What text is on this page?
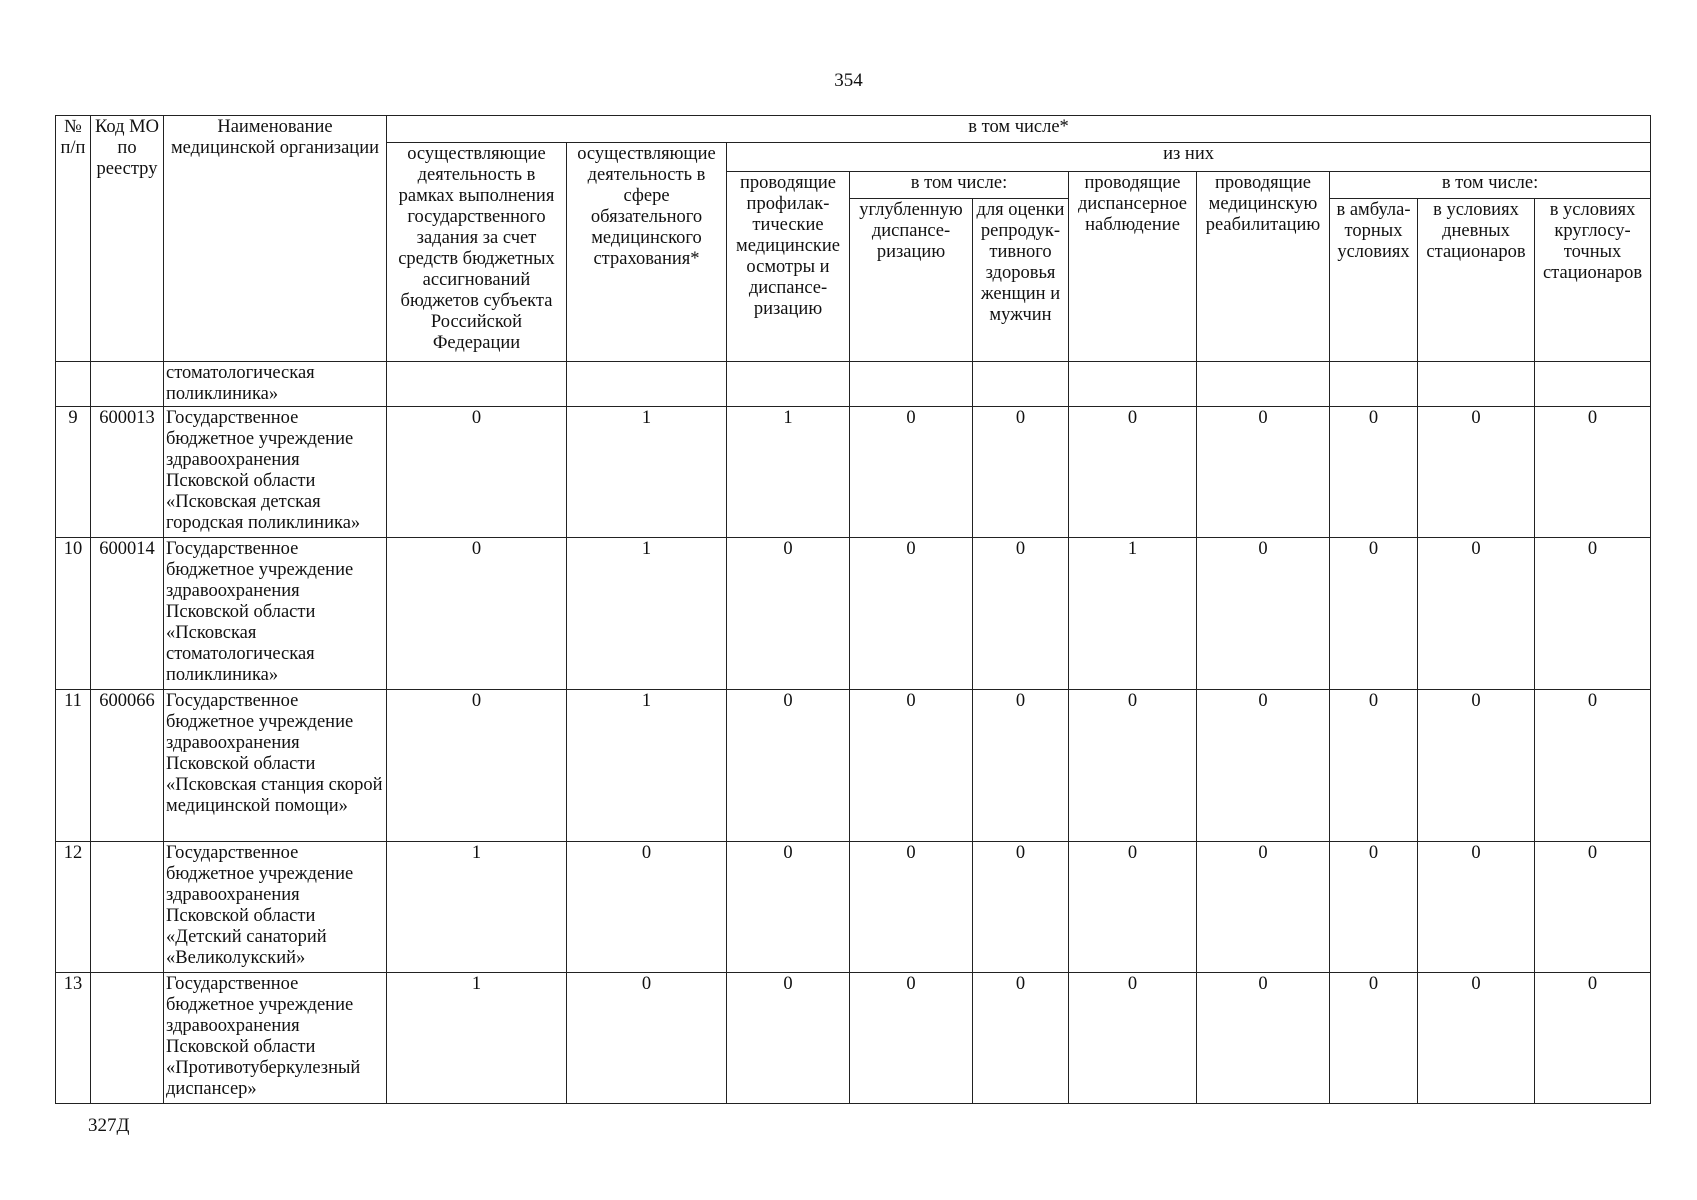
354
№ п/п	Код МО по реестру	Наименование медицинской организации	в том числе*									
			осуществляющие деятельность в рамках выполнения государственного задания за счет средств бюджетных ассигнований бюджетов субъекта Российской Федерации	осуществляющие деятельность в сфере обязательного медицинского страхования*	из них							
					проводящие профилак-тические медицинские осмотры и диспансе-ризацию	в том числе:		проводящие диспансерное наблюдение	проводящие медицинскую реабилитацию	в том числе:		
						углубленную диспансе-ризацию	для оценки репродук-тивного здоровья женщин и мужчин			в амбула-торных условиях	в условиях дневных стационаров	в условиях круглосу-точных стационаров
		стоматологическая поликлиника»										
9	600013	Государственное бюджетное учреждение здравоохранения Псковской области «Псковская детская городская поликлиника»	0	1	1	0	0	0	0	0	0	0
10	600014	Государственное бюджетное учреждение здравоохранения Псковской области «Псковская стоматологическая поликлиника»	0	1	0	0	0	1	0	0	0	0
11	600066	Государственное бюджетное учреждение здравоохранения Псковской области «Псковская станция скорой медицинской помощи»	0	1	0	0	0	0	0	0	0	0
12		Государственное бюджетное учреждение здравоохранения Псковской области «Детский санаторий «Великолукский»	1	0	0	0	0	0	0	0	0	0
13		Государственное бюджетное учреждение здравоохранения Псковской области «Противотуберкулезный диспансер»	1	0	0	0	0	0	0	0	0	0
327Д
